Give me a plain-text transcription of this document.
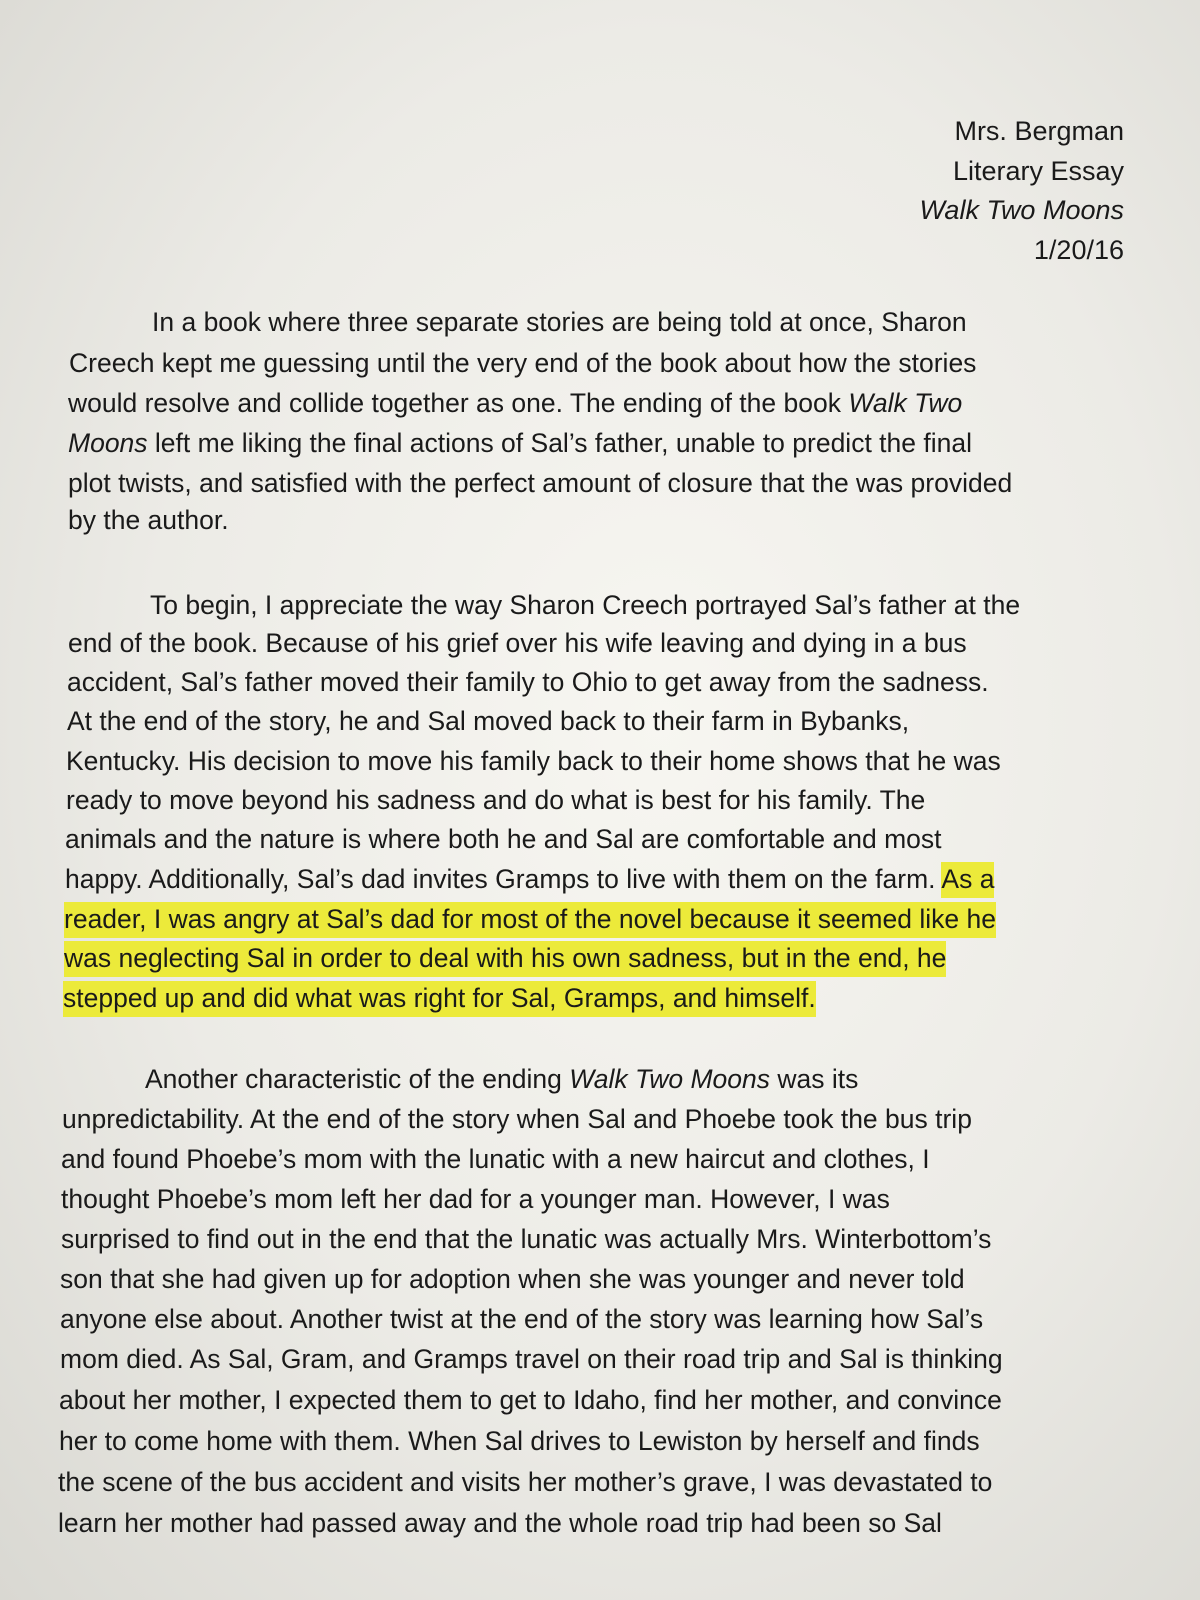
Mrs. Bergman
Literary Essay
Walk Two Moons
1/20/16
In a book where three separate stories are being told at once, Sharon
Creech kept me guessing until the very end of the book about how the stories
would resolve and collide together as one. The ending of the book Walk Two
Moons left me liking the final actions of Sal’s father, unable to predict the final
plot twists, and satisfied with the perfect amount of closure that the was provided
by the author.
To begin, I appreciate the way Sharon Creech portrayed Sal’s father at the
end of the book. Because of his grief over his wife leaving and dying in a bus
accident, Sal’s father moved their family to Ohio to get away from the sadness.
At the end of the story, he and Sal moved back to their farm in Bybanks,
Kentucky. His decision to move his family back to their home shows that he was
ready to move beyond his sadness and do what is best for his family. The
animals and the nature is where both he and Sal are comfortable and most
happy. Additionally, Sal’s dad invites Gramps to live with them on the farm. As a
reader, I was angry at Sal’s dad for most of the novel because it seemed like he
was neglecting Sal in order to deal with his own sadness, but in the end, he
stepped up and did what was right for Sal, Gramps, and himself.
Another characteristic of the ending Walk Two Moons was its
unpredictability. At the end of the story when Sal and Phoebe took the bus trip
and found Phoebe’s mom with the lunatic with a new haircut and clothes, I
thought Phoebe’s mom left her dad for a younger man. However, I was
surprised to find out in the end that the lunatic was actually Mrs. Winterbottom’s
son that she had given up for adoption when she was younger and never told
anyone else about. Another twist at the end of the story was learning how Sal’s
mom died. As Sal, Gram, and Gramps travel on their road trip and Sal is thinking
about her mother, I expected them to get to Idaho, find her mother, and convince
her to come home with them. When Sal drives to Lewiston by herself and finds
the scene of the bus accident and visits her mother’s grave, I was devastated to
learn her mother had passed away and the whole road trip had been so Sal
